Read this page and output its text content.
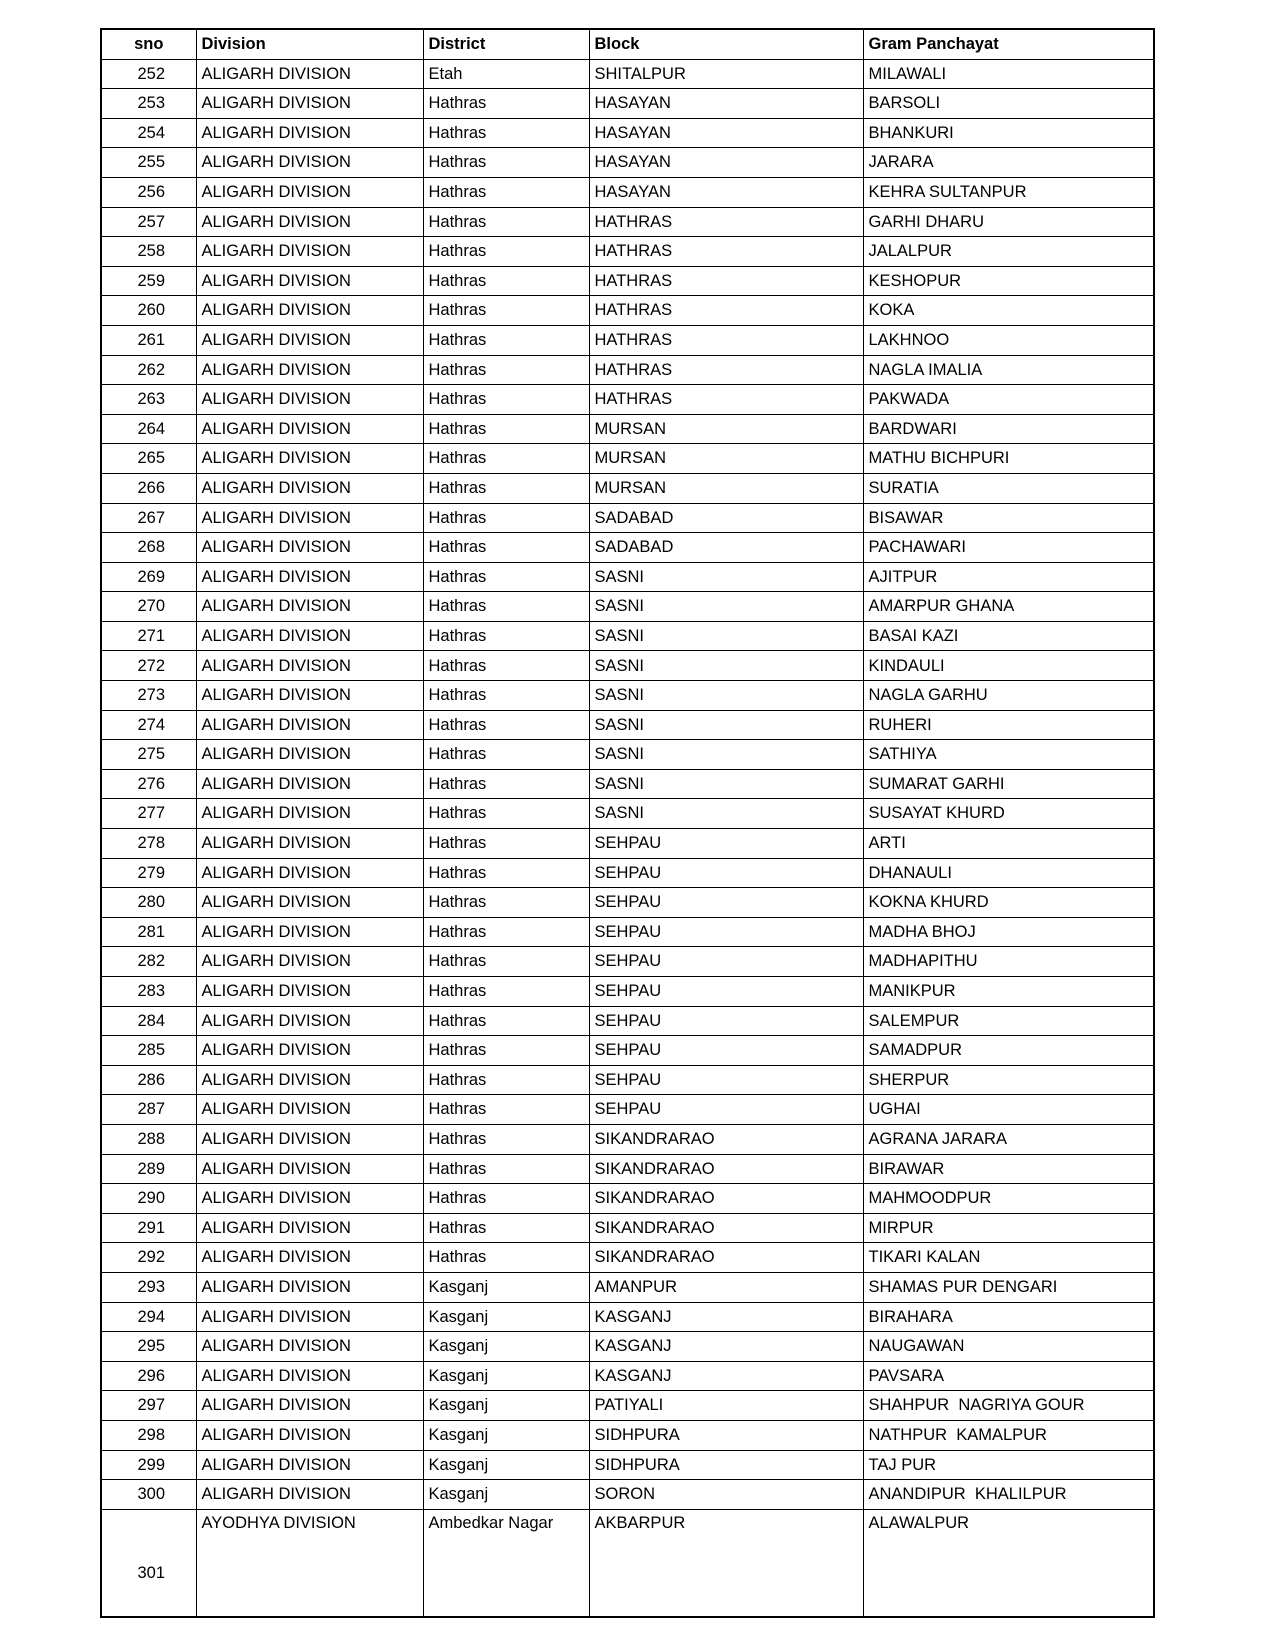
sno	Division	District	Block	Gram Panchayat
252	ALIGARH DIVISION	Etah	SHITALPUR	MILAWALI
253	ALIGARH DIVISION	Hathras	HASAYAN	BARSOLI
254	ALIGARH DIVISION	Hathras	HASAYAN	BHANKURI
255	ALIGARH DIVISION	Hathras	HASAYAN	JARARA
256	ALIGARH DIVISION	Hathras	HASAYAN	KEHRA SULTANPUR
257	ALIGARH DIVISION	Hathras	HATHRAS	GARHI DHARU
258	ALIGARH DIVISION	Hathras	HATHRAS	JALALPUR
259	ALIGARH DIVISION	Hathras	HATHRAS	KESHOPUR
260	ALIGARH DIVISION	Hathras	HATHRAS	KOKA
261	ALIGARH DIVISION	Hathras	HATHRAS	LAKHNOO
262	ALIGARH DIVISION	Hathras	HATHRAS	NAGLA IMALIA
263	ALIGARH DIVISION	Hathras	HATHRAS	PAKWADA
264	ALIGARH DIVISION	Hathras	MURSAN	BARDWARI
265	ALIGARH DIVISION	Hathras	MURSAN	MATHU BICHPURI
266	ALIGARH DIVISION	Hathras	MURSAN	SURATIA
267	ALIGARH DIVISION	Hathras	SADABAD	BISAWAR
268	ALIGARH DIVISION	Hathras	SADABAD	PACHAWARI
269	ALIGARH DIVISION	Hathras	SASNI	AJITPUR
270	ALIGARH DIVISION	Hathras	SASNI	AMARPUR GHANA
271	ALIGARH DIVISION	Hathras	SASNI	BASAI KAZI
272	ALIGARH DIVISION	Hathras	SASNI	KINDAULI
273	ALIGARH DIVISION	Hathras	SASNI	NAGLA GARHU
274	ALIGARH DIVISION	Hathras	SASNI	RUHERI
275	ALIGARH DIVISION	Hathras	SASNI	SATHIYA
276	ALIGARH DIVISION	Hathras	SASNI	SUMARAT GARHI
277	ALIGARH DIVISION	Hathras	SASNI	SUSAYAT KHURD
278	ALIGARH DIVISION	Hathras	SEHPAU	ARTI
279	ALIGARH DIVISION	Hathras	SEHPAU	DHANAULI
280	ALIGARH DIVISION	Hathras	SEHPAU	KOKNA KHURD
281	ALIGARH DIVISION	Hathras	SEHPAU	MADHA BHOJ
282	ALIGARH DIVISION	Hathras	SEHPAU	MADHAPITHU
283	ALIGARH DIVISION	Hathras	SEHPAU	MANIKPUR
284	ALIGARH DIVISION	Hathras	SEHPAU	SALEMPUR
285	ALIGARH DIVISION	Hathras	SEHPAU	SAMADPUR
286	ALIGARH DIVISION	Hathras	SEHPAU	SHERPUR
287	ALIGARH DIVISION	Hathras	SEHPAU	UGHAI
288	ALIGARH DIVISION	Hathras	SIKANDRARAO	AGRANA JARARA
289	ALIGARH DIVISION	Hathras	SIKANDRARAO	BIRAWAR
290	ALIGARH DIVISION	Hathras	SIKANDRARAO	MAHMOODPUR
291	ALIGARH DIVISION	Hathras	SIKANDRARAO	MIRPUR
292	ALIGARH DIVISION	Hathras	SIKANDRARAO	TIKARI KALAN
293	ALIGARH DIVISION	Kasganj	AMANPUR	SHAMAS PUR DENGARI
294	ALIGARH DIVISION	Kasganj	KASGANJ	BIRAHARA
295	ALIGARH DIVISION	Kasganj	KASGANJ	NAUGAWAN
296	ALIGARH DIVISION	Kasganj	KASGANJ	PAVSARA
297	ALIGARH DIVISION	Kasganj	PATIYALI	SHAHPUR  NAGRIYA GOUR
298	ALIGARH DIVISION	Kasganj	SIDHPURA	NATHPUR  KAMALPUR
299	ALIGARH DIVISION	Kasganj	SIDHPURA	TAJ PUR
300	ALIGARH DIVISION	Kasganj	SORON	ANANDIPUR  KHALILPUR
301	AYODHYA DIVISION	Ambedkar Nagar	AKBARPUR	ALAWALPUR
